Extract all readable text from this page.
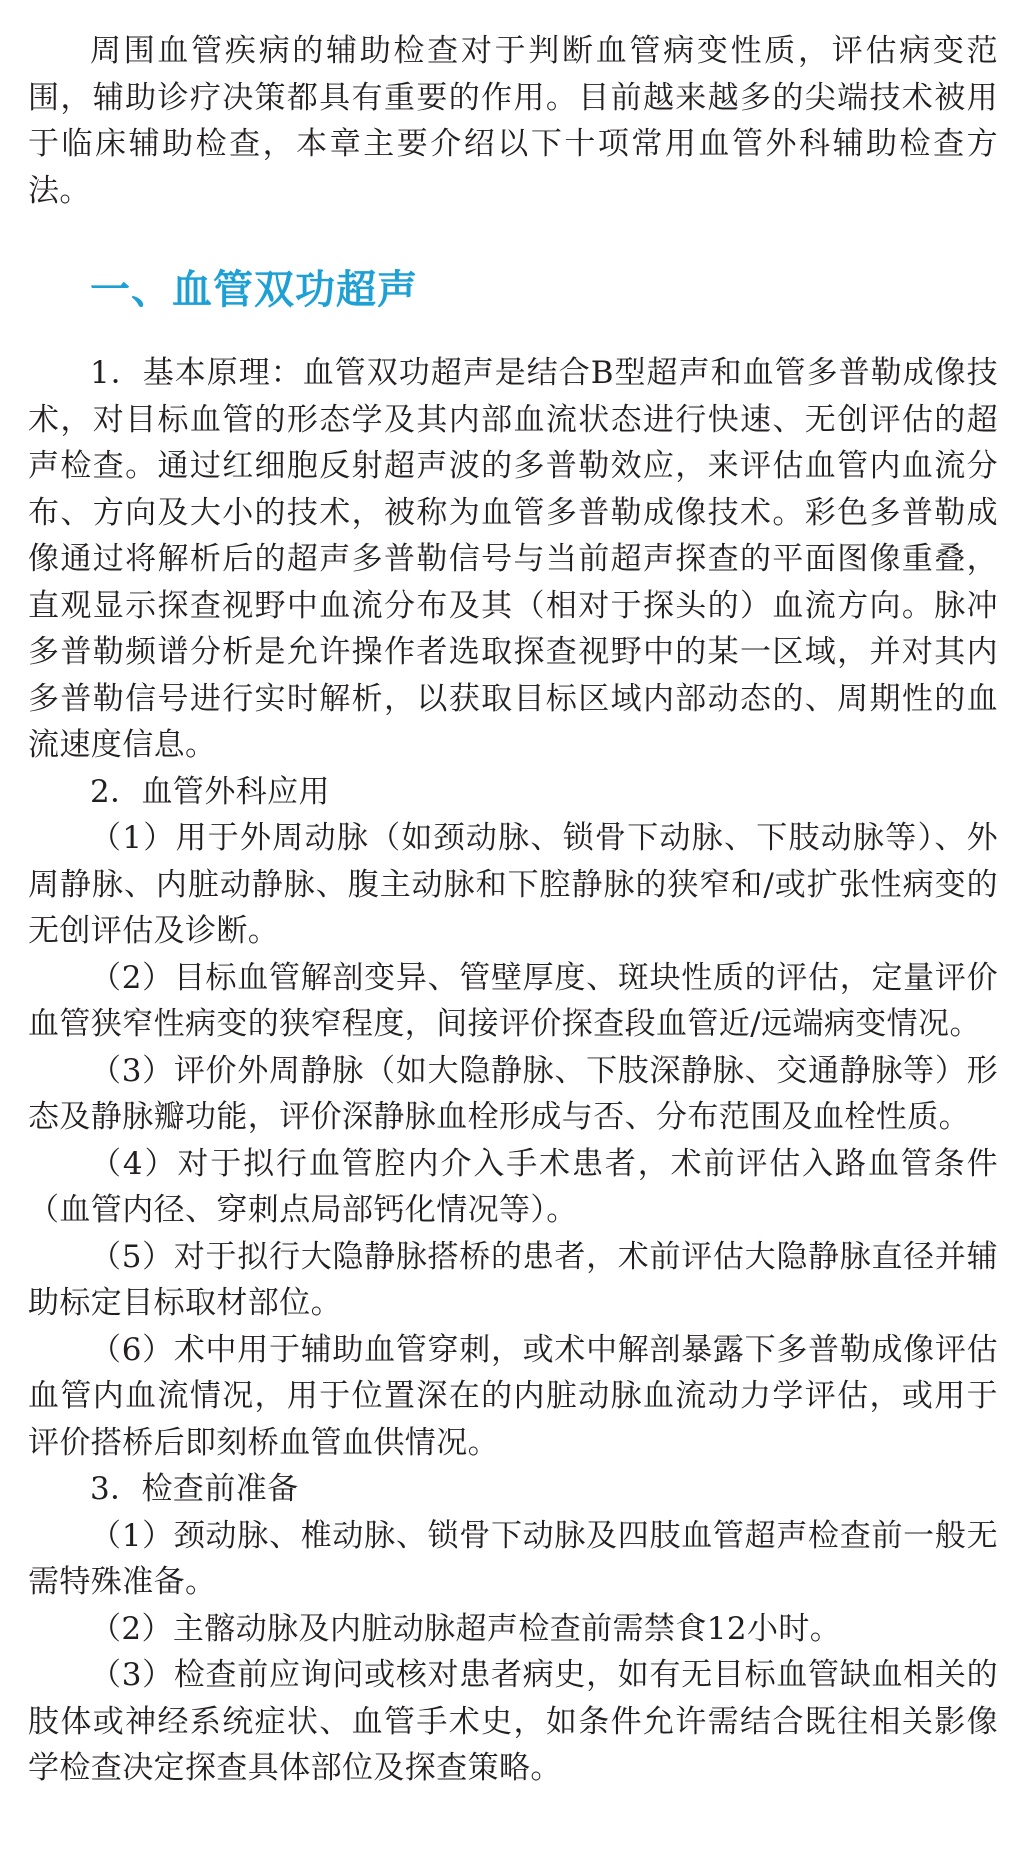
周围血管疾病的辅助检查对于判断血管病变性质，评估病变范围，辅助诊疗决策都具有重要的作用。目前越来越多的尖端技术被用于临床辅助检查，本章主要介绍以下十项常用血管外科辅助检查方法。

一、血管双功超声

1．基本原理：血管双功超声是结合B型超声和血管多普勒成像技术，对目标血管的形态学及其内部血流状态进行快速、无创评估的超声检查。通过红细胞反射超声波的多普勒效应，来评估血管内血流分布、方向及大小的技术，被称为血管多普勒成像技术。彩色多普勒成像通过将解析后的超声多普勒信号与当前超声探查的平面图像重叠，直观显示探查视野中血流分布及其（相对于探头的）血流方向。脉冲多普勒频谱分析是允许操作者选取探查视野中的某一区域，并对其内多普勒信号进行实时解析，以获取目标区域内部动态的、周期性的血流速度信息。

2．血管外科应用

（1）用于外周动脉（如颈动脉、锁骨下动脉、下肢动脉等）、外周静脉、内脏动静脉、腹主动脉和下腔静脉的狭窄和/或扩张性病变的无创评估及诊断。

（2）目标血管解剖变异、管壁厚度、斑块性质的评估，定量评价血管狭窄性病变的狭窄程度，间接评价探查段血管近/远端病变情况。

（3）评价外周静脉（如大隐静脉、下肢深静脉、交通静脉等）形态及静脉瓣功能，评价深静脉血栓形成与否、分布范围及血栓性质。

（4）对于拟行血管腔内介入手术患者，术前评估入路血管条件（血管内径、穿刺点局部钙化情况等）。

（5）对于拟行大隐静脉搭桥的患者，术前评估大隐静脉直径并辅助标定目标取材部位。

（6）术中用于辅助血管穿刺，或术中解剖暴露下多普勒成像评估血管内血流情况，用于位置深在的内脏动脉血流动力学评估，或用于评价搭桥后即刻桥血管血供情况。

3．检查前准备

（1）颈动脉、椎动脉、锁骨下动脉及四肢血管超声检查前一般无需特殊准备。

（2）主髂动脉及内脏动脉超声检查前需禁食12小时。

（3）检查前应询问或核对患者病史，如有无目标血管缺血相关的肢体或神经系统症状、血管手术史，如条件允许需结合既往相关影像学检查决定探查具体部位及探查策略。
